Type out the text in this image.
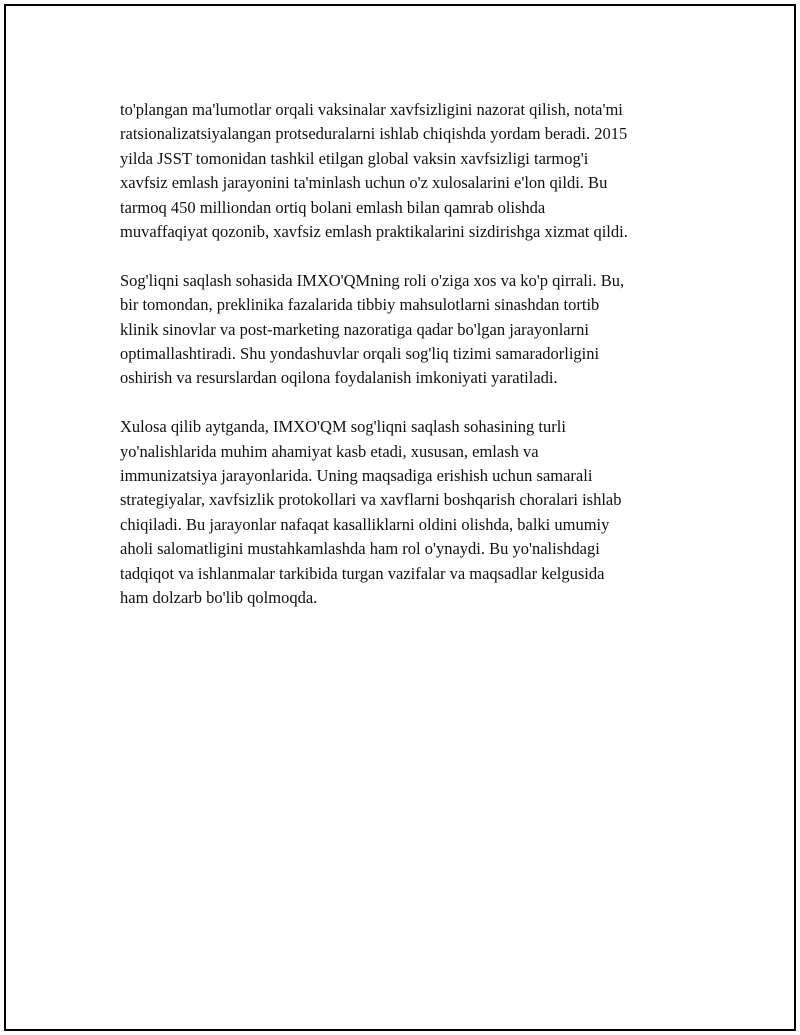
to'plangan ma'lumotlar orqali vaksinalar xavfsizligini nazorat qilish, nota'mi
ratsionalizatsiyalangan protseduralarni ishlab chiqishda yordam beradi. 2015
yilda JSST tomonidan tashkil etilgan global vaksin xavfsizligi tarmog'i
xavfsiz emlash jarayonini ta'minlash uchun o'z xulosalarini e'lon qildi. Bu
tarmoq 450 milliondan ortiq bolani emlash bilan qamrab olishda
muvaffaqiyat qozonib, xavfsiz emlash praktikalarini sizdirishga xizmat qildi.

Sog'liqni saqlash sohasida IMXO'QMning roli o'ziga xos va ko'p qirrali. Bu,
bir tomondan, preklinika fazalarida tibbiy mahsulotlarni sinashdan tortib
klinik sinovlar va post-marketing nazoratiga qadar bo'lgan jarayonlarni
optimallashtiradi. Shu yondashuvlar orqali sog'liq tizimi samaradorligini
oshirish va resurslardan oqilona foydalanish imkoniyati yaratiladi.

Xulosa qilib aytganda, IMXO'QM sog'liqni saqlash sohasining turli
yo'nalishlarida muhim ahamiyat kasb etadi, xususan, emlash va
immunizatsiya jarayonlarida. Uning maqsadiga erishish uchun samarali
strategiyalar, xavfsizlik protokollari va xavflarni boshqarish choralari ishlab
chiqiladi. Bu jarayonlar nafaqat kasalliklarni oldini olishda, balki umumiy
aholi salomatligini mustahkamlashda ham rol o'ynaydi. Bu yo'nalishdagi
tadqiqot va ishlanmalar tarkibida turgan vazifalar va maqsadlar kelgusida
ham dolzarb bo'lib qolmoqda.
